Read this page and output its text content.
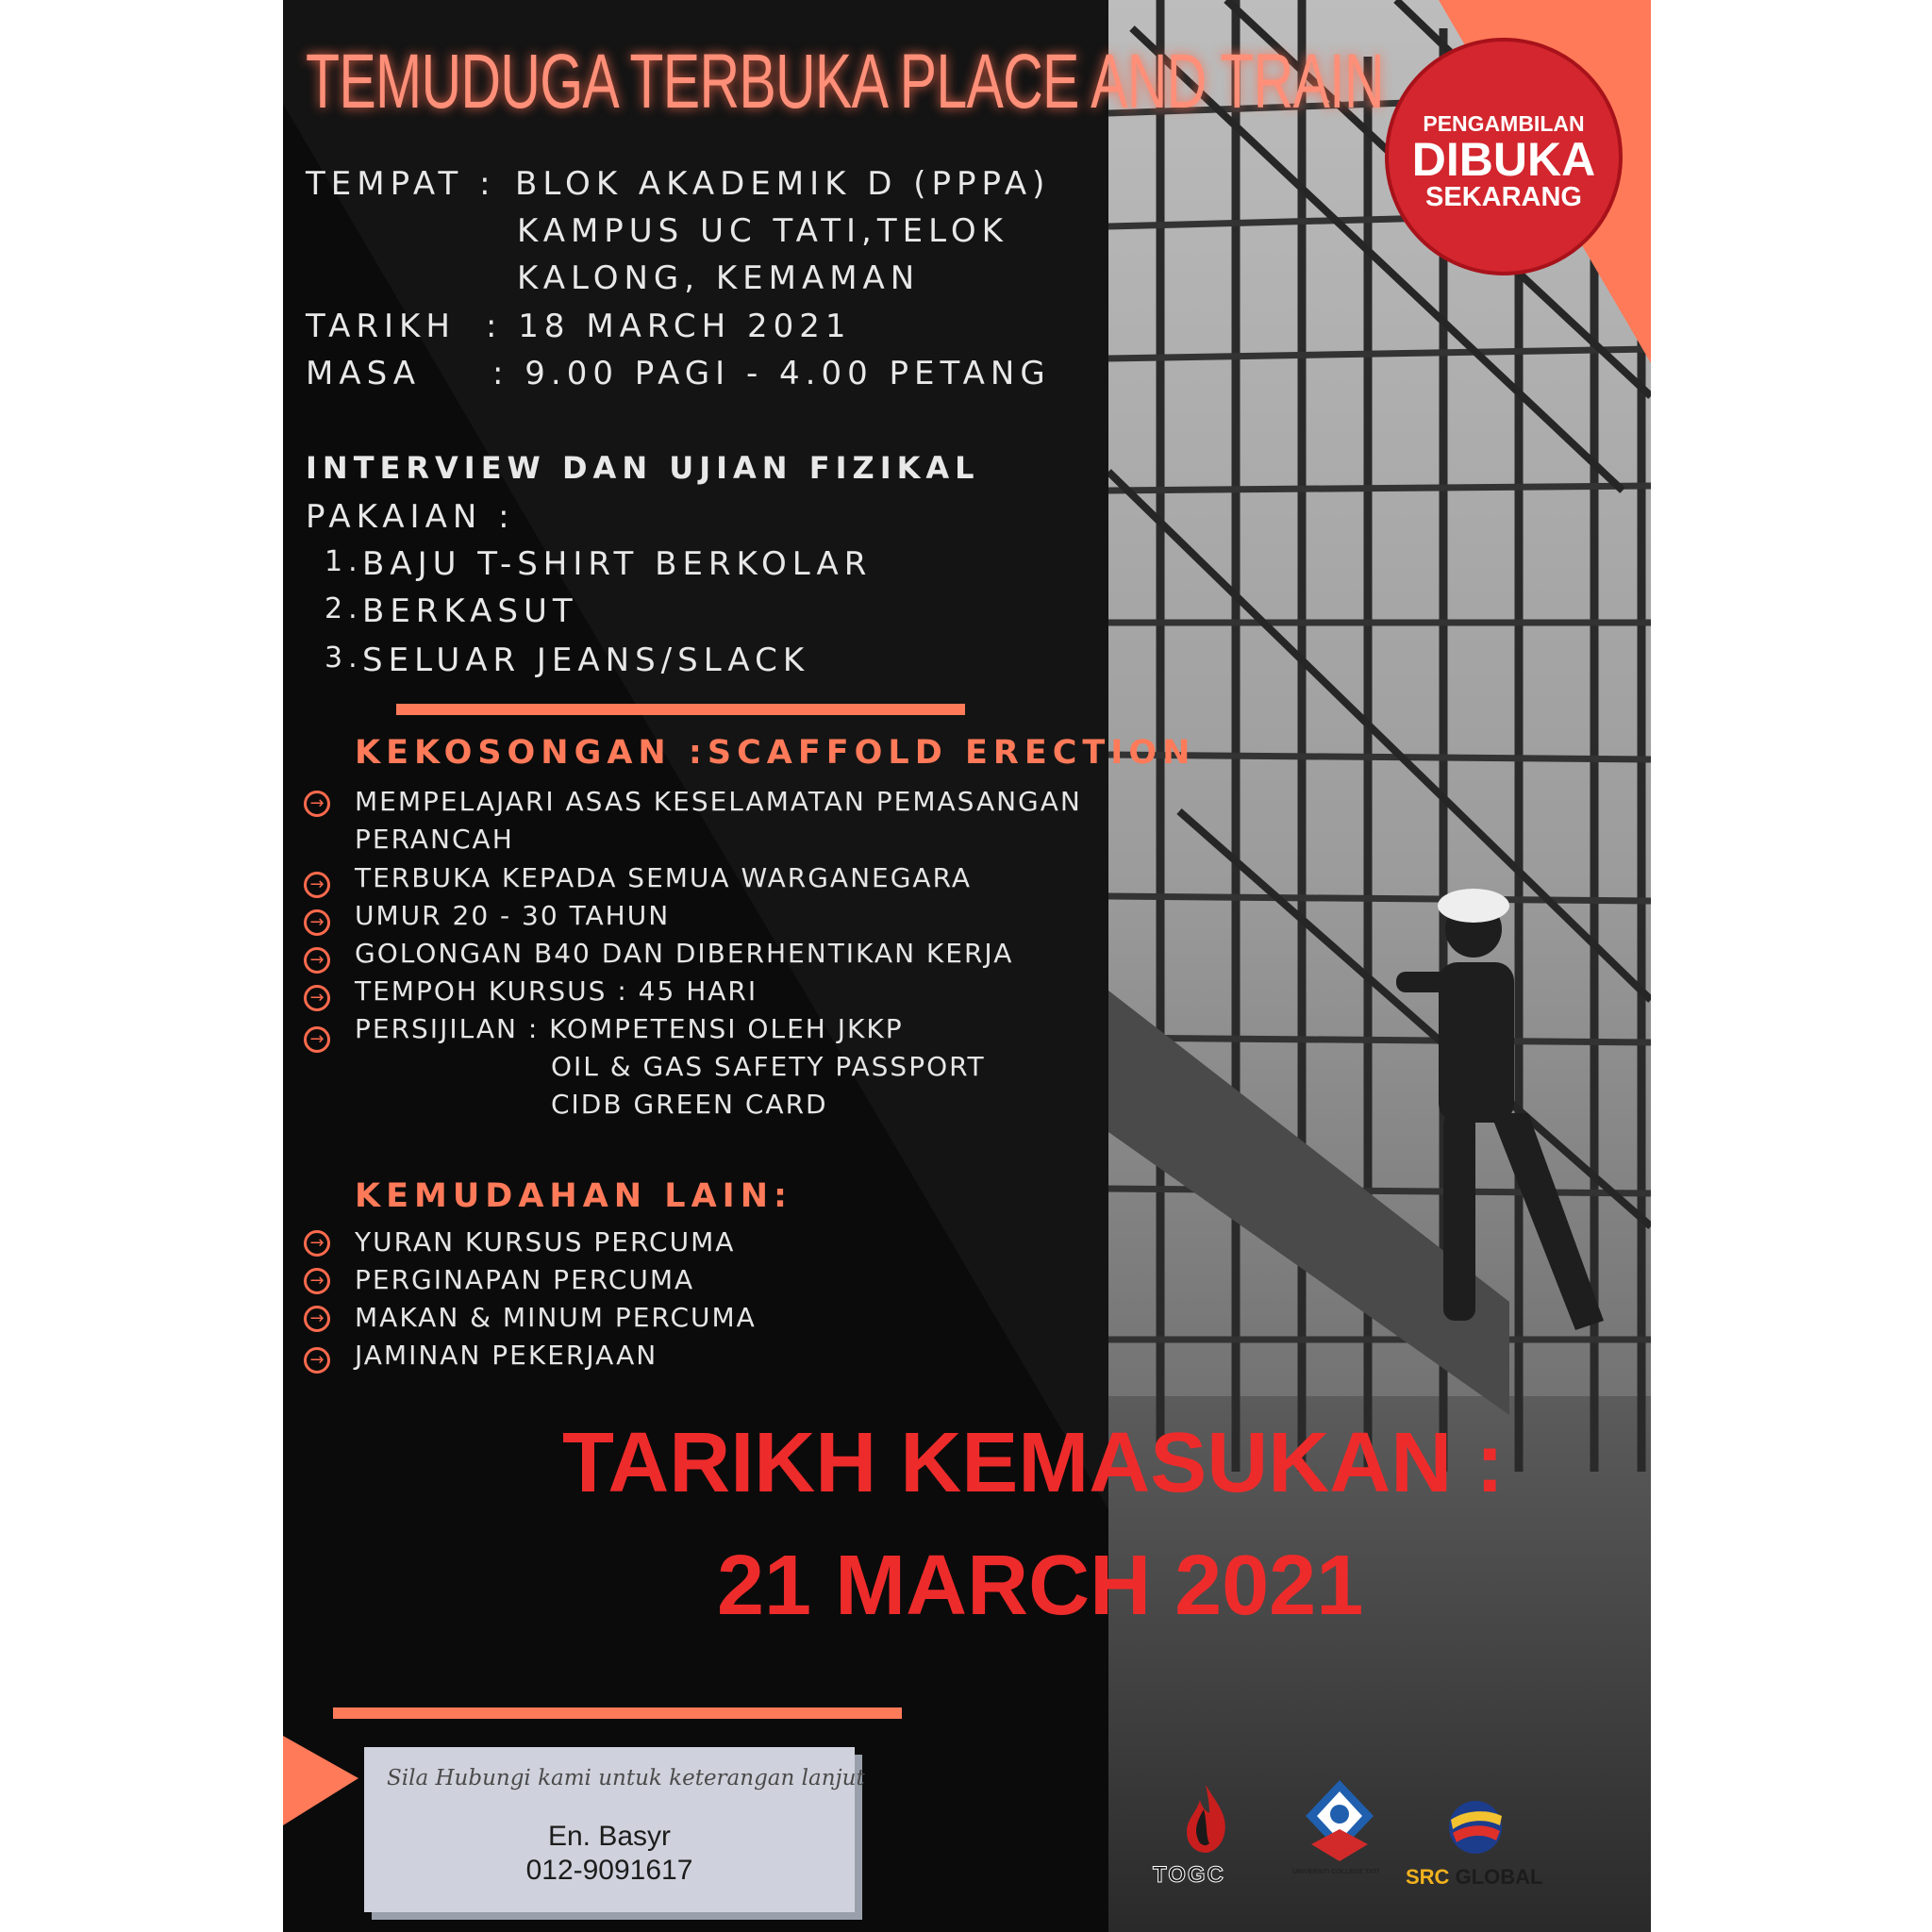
TEMUDUGA TERBUKA PLACE AND TRAIN	PENGAMBILAN
DIBUKA
SEKARANG
TEMPAT : BLOK AKADEMIK D (PPPA)
KAMPUS UC TATI,TELOK
KALONG, KEMAMAN
TARIKH : 18 MARCH 2021
MASA : 9.00 PAGI - 4.00 PETANG
INTERVIEW DAN UJIAN FIZIKAL
PAKAIAN :
1. BAJU T-SHIRT BERKOLAR
2. BERKASUT
3. SELUAR JEANS/SLACK
KEKOSONGAN :SCAFFOLD ERECTION
→ MEMPELAJARI ASAS KESELAMATAN PEMASANGAN
PERANCAH
→ TERBUKA KEPADA SEMUA WARGANEGARA
→ UMUR 20 - 30 TAHUN
→ GOLONGAN B40 DAN DIBERHENTIKAN KERJA
→ TEMPOH KURSUS : 45 HARI
→ PERSIJILAN : KOMPETENSI OLEH JKKP
OIL & GAS SAFETY PASSPORT
CIDB GREEN CARD
KEMUDAHAN LAIN:
→ YURAN KURSUS PERCUMA
→ PERGINAPAN PERCUMA
→ MAKAN & MINUM PERCUMA
→ JAMINAN PEKERJAAN
TARIKH KEMASUKAN :
21 MARCH 2021
Sila Hubungi kami untuk keterangan lanjut
En. Basyr
012-9091617	TOGC	UNIVERSITI COLLEGE TATI SRC GLOBAL
